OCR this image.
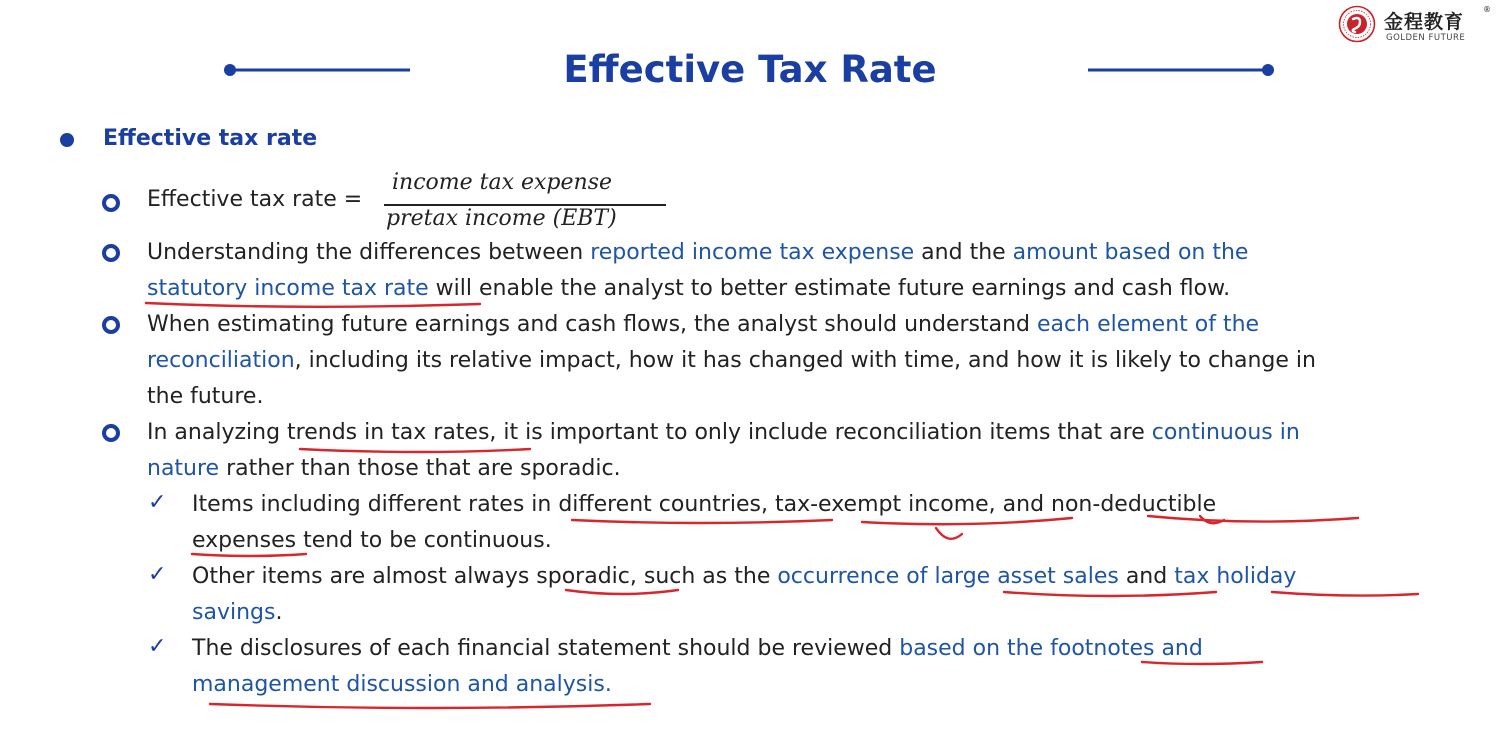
金程教育
®
GOLDEN FUTURE
Effective Tax Rate
Effective tax rate
Effective tax rate =
income tax expense
pretax income (EBT)
Understanding the differences between reported income tax expense and the amount based on the
statutory income tax rate will enable the analyst to better estimate future earnings and cash flow.
When estimating future earnings and cash flows, the analyst should understand each element of the
reconciliation, including its relative impact, how it has changed with time, and how it is likely to change in
the future.
In analyzing trends in tax rates, it is important to only include reconciliation items that are continuous in
nature rather than those that are sporadic.
✓ Items including different rates in different countries, tax-exempt income, and non-deductible
expenses tend to be continuous.
✓ Other items are almost always sporadic, such as the occurrence of large asset sales and tax holiday
savings.
✓ The disclosures of each financial statement should be reviewed based on the footnotes and
management discussion and analysis.
